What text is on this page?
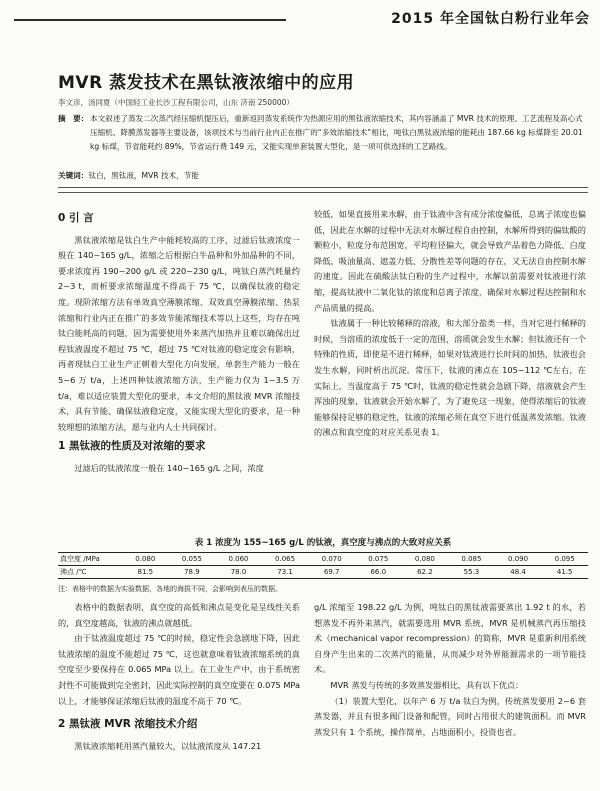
2015 年全国钛白粉行业年会
MVR 蒸发技术在黑钛液浓缩中的应用
李文彦，汤同夏（中国轻工业长沙工程有限公司，山东 济南 250000）
摘　要： 本文叙述了蒸发二次蒸汽经压缩机提压后，重新返回蒸发系统作为热源应用的黑钛液浓缩技术，其内容涵盖了 MVR 技术的原理、工艺流程及高心式压缩机、降膜蒸发器等主要设备，该项技术与当前行业内正在推广的“多效浓缩技术”相比，吨钛白黑钛液浓缩的能耗由 187.66 kg 标煤降至 20.01 kg 标煤，节省能耗约 89%，节省运行费 149 元，又能实现单套装置大型化，是一项可供选择的工艺路线。
关键词：钛白，黑钛液，MVR 技术，节能
0 引 言

黑钛液浓缩是钛白生产中能耗较高的工序，过滤后钛液浓度一般在 140~165 g/L，浓缩之后根据白牛晶种和外加晶种的不同，要求浓度再 190~200 g/L 或 220~230 g/L，吨钛白蒸汽耗量约 2~3 t，而析要求浓缩温度不得高于 75 ℃，以确保钛液的稳定度。现阶浓缩方法有单效真空薄膜浓缩、双效真空薄膜浓缩、热泵浓缩和行业内正在推广的多效节能浓缩技术等以上这些，均存在吨钛白能耗高的问题，因为需要使用外来蒸汽加热并且难以确保出过程钛液温度不超过 75 ℃，超过 75 ℃对钛液的稳定度会有影响，再者现钛白工业生产正朝着大型化方向发展，单套生产能力一般在 5~6 万 t/a，上述四种钛液浓缩方法，生产能力仅为 1~3.5 万 t/a，难以适应装置大型化的要求，本文介绍的黑钛液 MVR 浓缩技术，具有节能、确保钛液稳定度，又能实现大型化的要求，是一种较理想的浓缩方法，愿与业内人士共同探讨。

1 黑钛液的性质及对浓缩的要求

过滤后的钛液浓度一般在 140~165 g/L 之间，浓度

较低，如果直接用来水解，由于钛液中含有成分浓度偏低，总离子浓度也偏低，因此在水解的过程中无法对水解过程自由控制，水解所得到的偏钛酸的颗粒小，粒度分布范围宽，平均粒径偏大，就会导致产品着色力降低、白度降低，吸油量高、遮盖力低、分散性差等问题的存在，又无法自由控制水解的速度。因此在硫酸法钛白粉的生产过程中，水解以前需要对钛液进行浓缩，提高钛液中二氧化钛的浓度和总离子浓度，确保对水解过程达控制和水产品质量的提高。

钛液属于一种比较稀释的溶液，和大部分盐类一样，当对它进行稀释的时候，当溶质的浓度低于一定的范围，溶质就会发生水解；但钛液还有一个特殊的性质，即使是不进行稀释，如果对钛液进行长时间的加热，钛液也会发生水解，同时析出沉淀。常压下，钛液的沸点在 105~112 ℃左右，在实际上，当温度高于 75 ℃时，钛液的稳定性就会急剧下降，溶液就会产生浑浊的现象，钛液就会开始水解了，为了避免这一现象，使得浓缩后的钛液能够保持足够的稳定性，钛液的浓缩必须在真空下进行低温蒸发浓缩。钛液的沸点和真空度的对应关系见表 1。

表 1 浓度为 155~165 g/L 的钛液，真空度与沸点的大致对应关系
真空度 /MPa	0.080	0.055	0.060	0.065	0.070	0.075	0.080	0.085	0.090	0.095
沸点 /℃	81.5	78.9	78.0	73.1	69.7	66.0	62.2	55.3	48.4	41.5
注：表格中的数据为实验数据，各地的海拔不同，会影响到表压的数据。

表格中的数据表明，真空度的高低和沸点是变化是呈线性关系的，真空度越高，钛液的沸点就越低。

由于钛液温度超过 75 ℃的时候，稳定性会急剧地下降，因此钛液浓缩的温度不能超过 75 ℃，这也就意味着钛液浓缩系统的真空度至少要保持在 0.065 MPa 以上。在工业生产中，由于系统密封性不可能做到完全密封，因此实际控制的真空度要在 0.075 MPa 以上，才能够保证浓缩后钛液的温度不高于 70 ℃。

2 黑钛液 MVR 浓缩技术介绍

黑钛液浓缩耗用蒸汽量较大，以钛液浓度从 147.21

g/L 浓缩至 198.22 g/L 为例，吨钛白的黑钛液需要蒸出 1.92 t 的水，若想蒸发不再外来蒸汽，就需要选用 MVR 系统，MVR 是机械蒸汽再压缩技术（mechanical vapor recompression）的简称，MVR 是重新利用系统自身产生出来的二次蒸汽的能量，从而减少对外界能源需求的一项节能技术。

MVR 蒸发与传统的多效蒸发器相比，具有以下优点：

（1）装置大型化，以年产 6 万 t/a 钛白为例，传统蒸发要用 2~6 套蒸发器，并且有很多阀门设备和配管，同时占用很大的建筑面积。而 MVR 蒸发只有 1 个系统，操作简单，占地面积小，投资也省。
